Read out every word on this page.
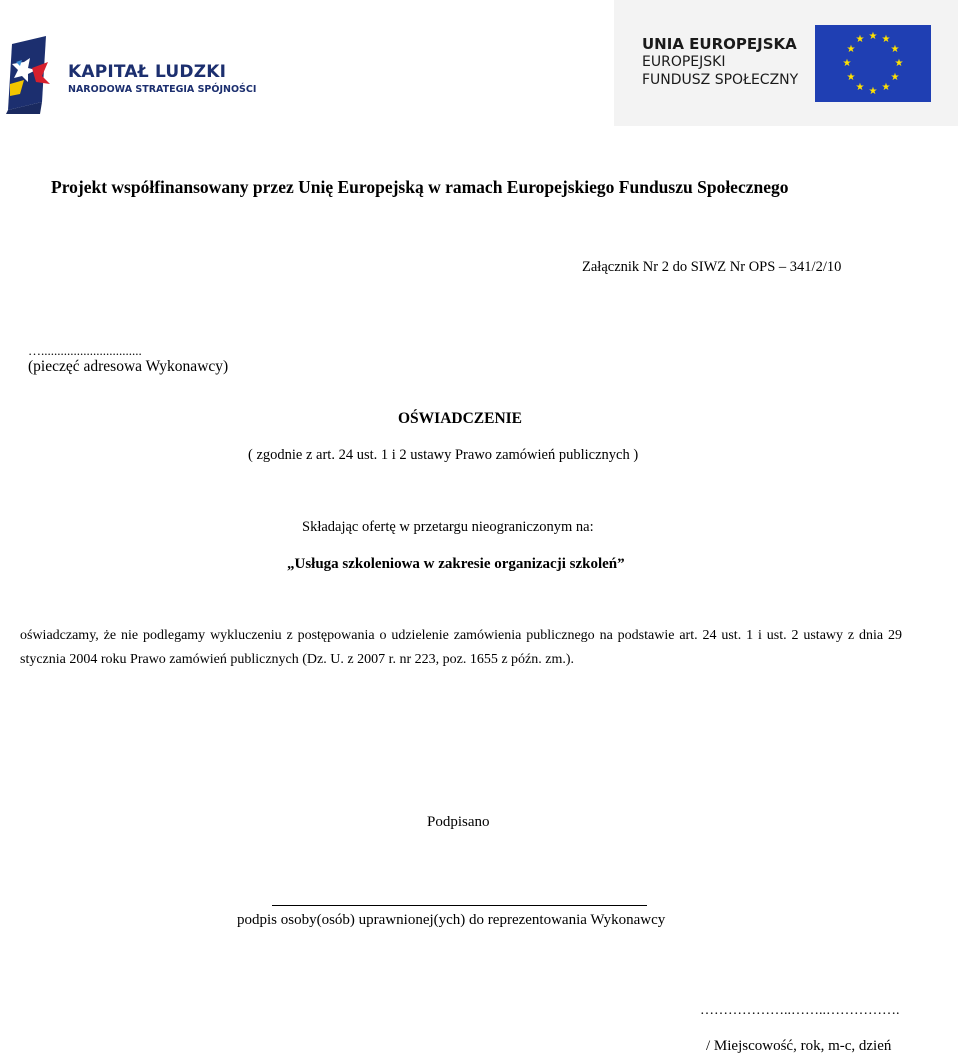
KAPITAŁ LUDZKI
NARODOWA STRATEGIA SPÓJNOŚCI
UNIA EUROPEJSKA
EUROPEJSKI
FUNDUSZ SPOŁECZNY
★ ★
★
★
★
★
★
★
★
★
★
★
Projekt współfinansowany przez Unię Europejską w ramach Europejskiego Funduszu Społecznego
Załącznik Nr 2 do SIWZ Nr OPS – 341/2/10
…...............................
(pieczęć adresowa Wykonawcy)
OŚWIADCZENIE
( zgodnie z art. 24 ust. 1 i 2 ustawy Prawo zamówień publicznych )
Składając ofertę w przetargu nieograniczonym na:
„Usługa szkoleniowa w zakresie organizacji szkoleń”
oświadczamy, że nie podlegamy wykluczeniu z postępowania o udzielenie zamówienia publicznego na podstawie art. 24 ust. 1 i ust. 2 ustawy z dnia 29 stycznia 2004 roku Prawo zamówień publicznych (Dz. U. z 2007 r. nr 223, poz. 1655 z późn. zm.).
Podpisano
podpis osoby(osób) uprawnionej(ych) do reprezentowania Wykonawcy
………………..……..…………….
/ Miejscowość, rok, m-c, dzień
